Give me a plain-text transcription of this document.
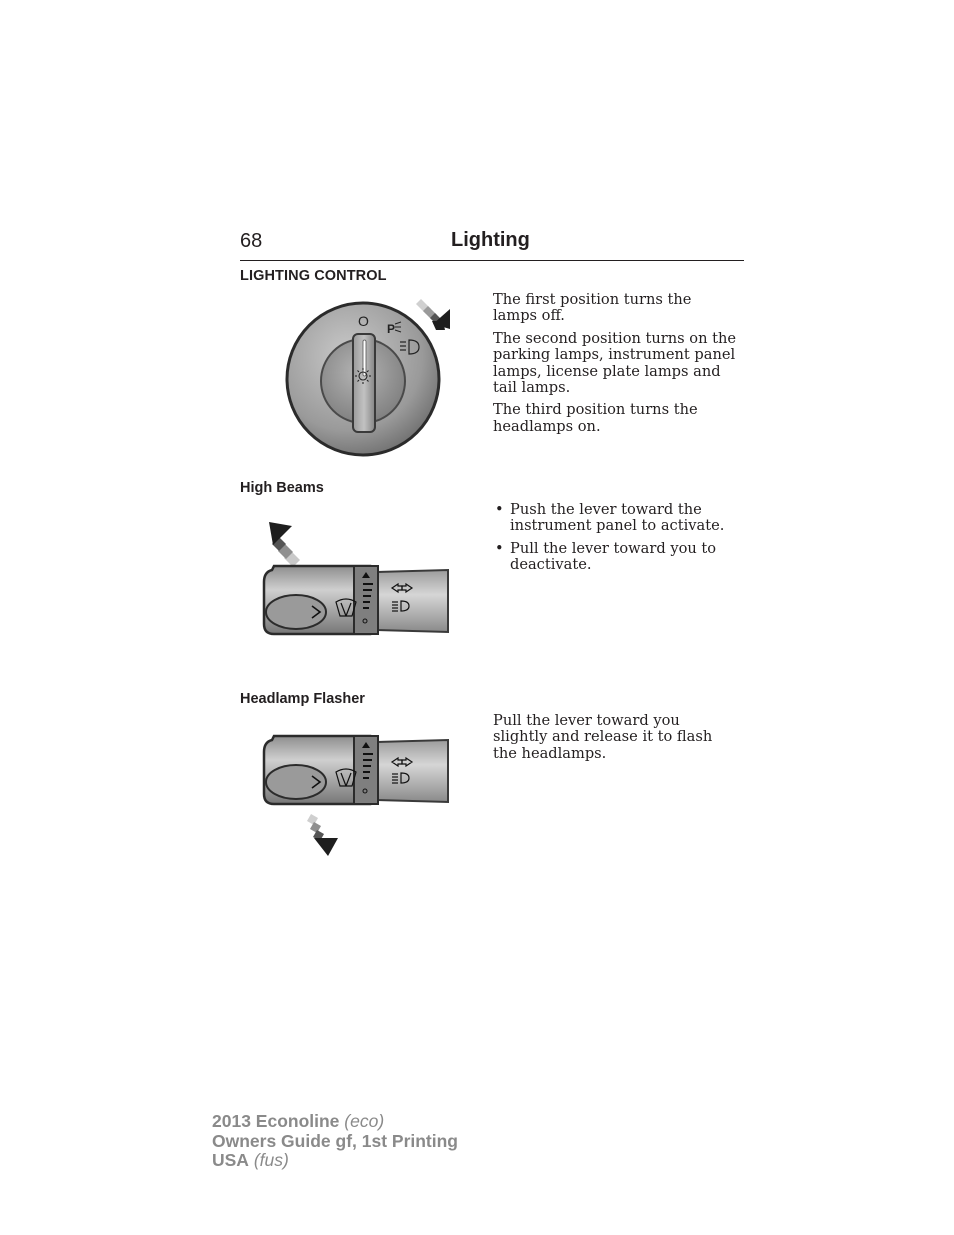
68	Lighting
LIGHTING CONTROL
O P

The first position turns the lamps off.

The second position turns on the parking lamps, instrument panel lamps, license plate lamps and tail lamps.

The third position turns the headlamps on.

High Beams
• Push the lever toward the instrument panel to activate.
• Pull the lever toward you to deactivate.
Headlamp Flasher

Pull the lever toward you slightly and release it to flash the headlamps.

2013 Econoline (eco)
Owners Guide gf, 1st Printing
USA (fus)
